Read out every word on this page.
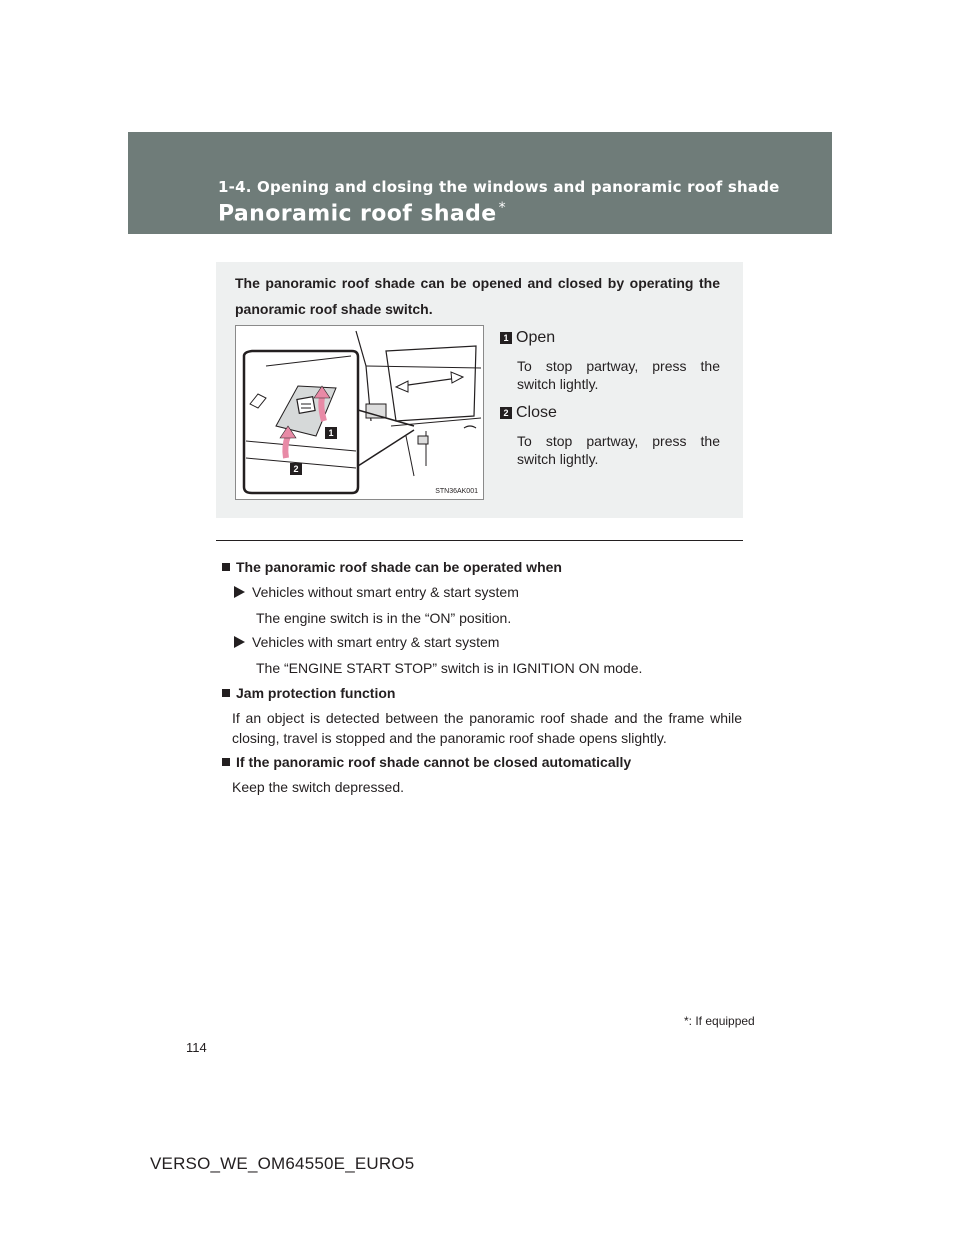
1-4. Opening and closing the windows and panoramic roof shade
Panoramic roof shade *
The panoramic roof shade can be opened and closed by operating the panoramic roof shade switch.
1
2
STN36AK001
1 Open
To stop partway, press the switch lightly.
2 Close
To stop partway, press the switch lightly.
The panoramic roof shade can be operated when
Vehicles without smart entry & start system
The engine switch is in the “ON” position.
Vehicles with smart entry & start system
The “ENGINE START STOP” switch is in IGNITION ON mode.
Jam protection function
If an object is detected between the panoramic roof shade and the frame while closing, travel is stopped and the panoramic roof shade opens slightly.
If the panoramic roof shade cannot be closed automatically
Keep the switch depressed.
* : If equipped
114
VERSO_WE_OM64550E_EURO5
